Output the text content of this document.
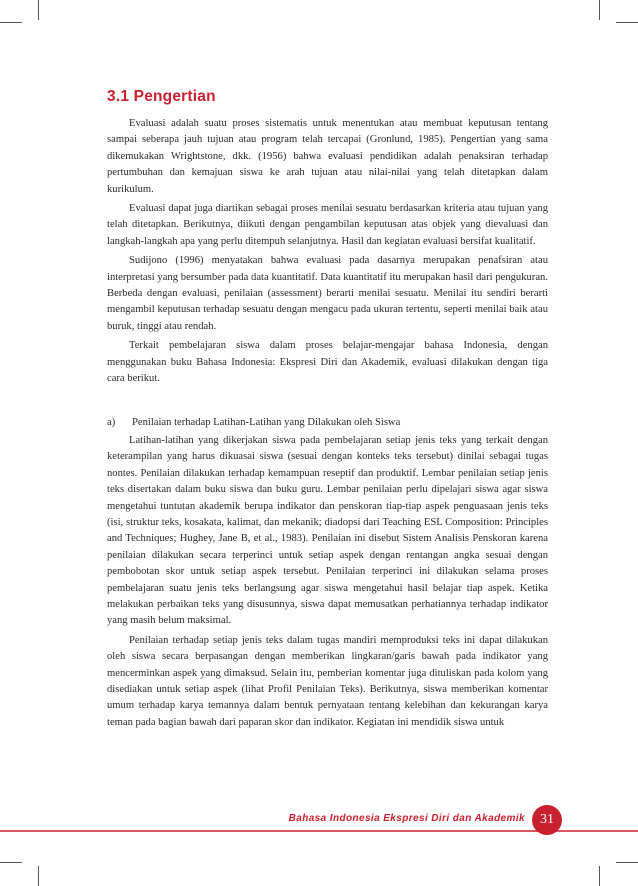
3.1 Pengertian

Evaluasi adalah suatu proses sistematis untuk menentukan atau membuat keputusan tentang sampai seberapa jauh tujuan atau program telah tercapai (Gronlund, 1985). Pengertian yang sama dikemukakan Wrightstone, dkk. (1956) bahwa evaluasi pendidikan adalah penaksiran terhadap pertumbuhan dan kemajuan siswa ke arah tujuan atau nilai-nilai yang telah ditetapkan dalam kurikulum.

Evaluasi dapat juga diartikan sebagai proses menilai sesuatu berdasarkan kriteria atau tujuan yang telah ditetapkan. Berikutnya, diikuti dengan pengambilan keputusan atas objek yang dievaluasi dan langkah-langkah apa yang perlu ditempuh selanjutnya. Hasil dan kegiatan evaluasi bersifat kualitatif.

Sudijono (1996) menyatakan bahwa evaluasi pada dasarnya merupakan penafsiran atau interpretasi yang bersumber pada data kuantitatif. Data kuantitatif itu merupakan hasil dari pengukuran. Berbeda dengan evaluasi, penilaian (assessment) berarti menilai sesuatu. Menilai itu sendiri berarti mengambil keputusan terhadap sesuatu dengan mengacu pada ukuran tertentu, seperti menilai baik atau buruk, tinggi atau rendah.

Terkait pembelajaran siswa dalam proses belajar-mengajar bahasa Indonesia, dengan menggunakan buku Bahasa Indonesia: Ekspresi Diri dan Akademik, evaluasi dilakukan dengan tiga cara berikut.

a)	Penilaian terhadap Latihan-Latihan yang Dilakukan oleh Siswa

Latihan-latihan yang dikerjakan siswa pada pembelajaran setiap jenis teks yang terkait dengan keterampilan yang harus dikuasai siswa (sesuai dengan konteks teks tersebut) dinilai sebagai tugas nontes. Penilaian dilakukan terhadap kemampuan reseptif dan produktif. Lembar penilaian setiap jenis teks disertakan dalam buku siswa dan buku guru. Lembar penilaian perlu dipelajari siswa agar siswa mengetahui tuntutan akademik berupa indikator dan penskoran tiap-tiap aspek penguasaan jenis teks (isi, struktur teks, kosakata, kalimat, dan mekanik; diadopsi dari Teaching ESL Composition: Principles and Techniques; Hughey, Jane B, et al., 1983). Penilaian ini disebut Sistem Analisis Penskoran karena penilaian dilakukan secara terperinci untuk setiap aspek dengan rentangan angka sesuai dengan pembobotan skor untuk setiap aspek tersebut. Penilaian terperinci ini dilakukan selama proses pembelajaran suatu jenis teks berlangsung agar siswa mengetahui hasil belajar tiap aspek. Ketika melakukan perbaikan teks yang disusunnya, siswa dapat memusatkan perhatiannya terhadap indikator yang masih belum maksimal.

Penilaian terhadap setiap jenis teks dalam tugas mandiri memproduksi teks ini dapat dilakukan oleh siswa secara berpasangan dengan memberikan lingkaran/garis bawah pada indikator yang mencerminkan aspek yang dimaksud. Selain itu, pemberian komentar juga dituliskan pada kolom yang disediakan untuk setiap aspek (lihat Profil Penilaian Teks). Berikutnya, siswa memberikan komentar umum terhadap karya temannya dalam bentuk pernyataan tentang kelebihan dan kekurangan karya teman pada bagian bawah dari paparan skor dan indikator. Kegiatan ini mendidik siswa untuk

Bahasa Indonesia Ekspresi Diri dan Akademik	31
